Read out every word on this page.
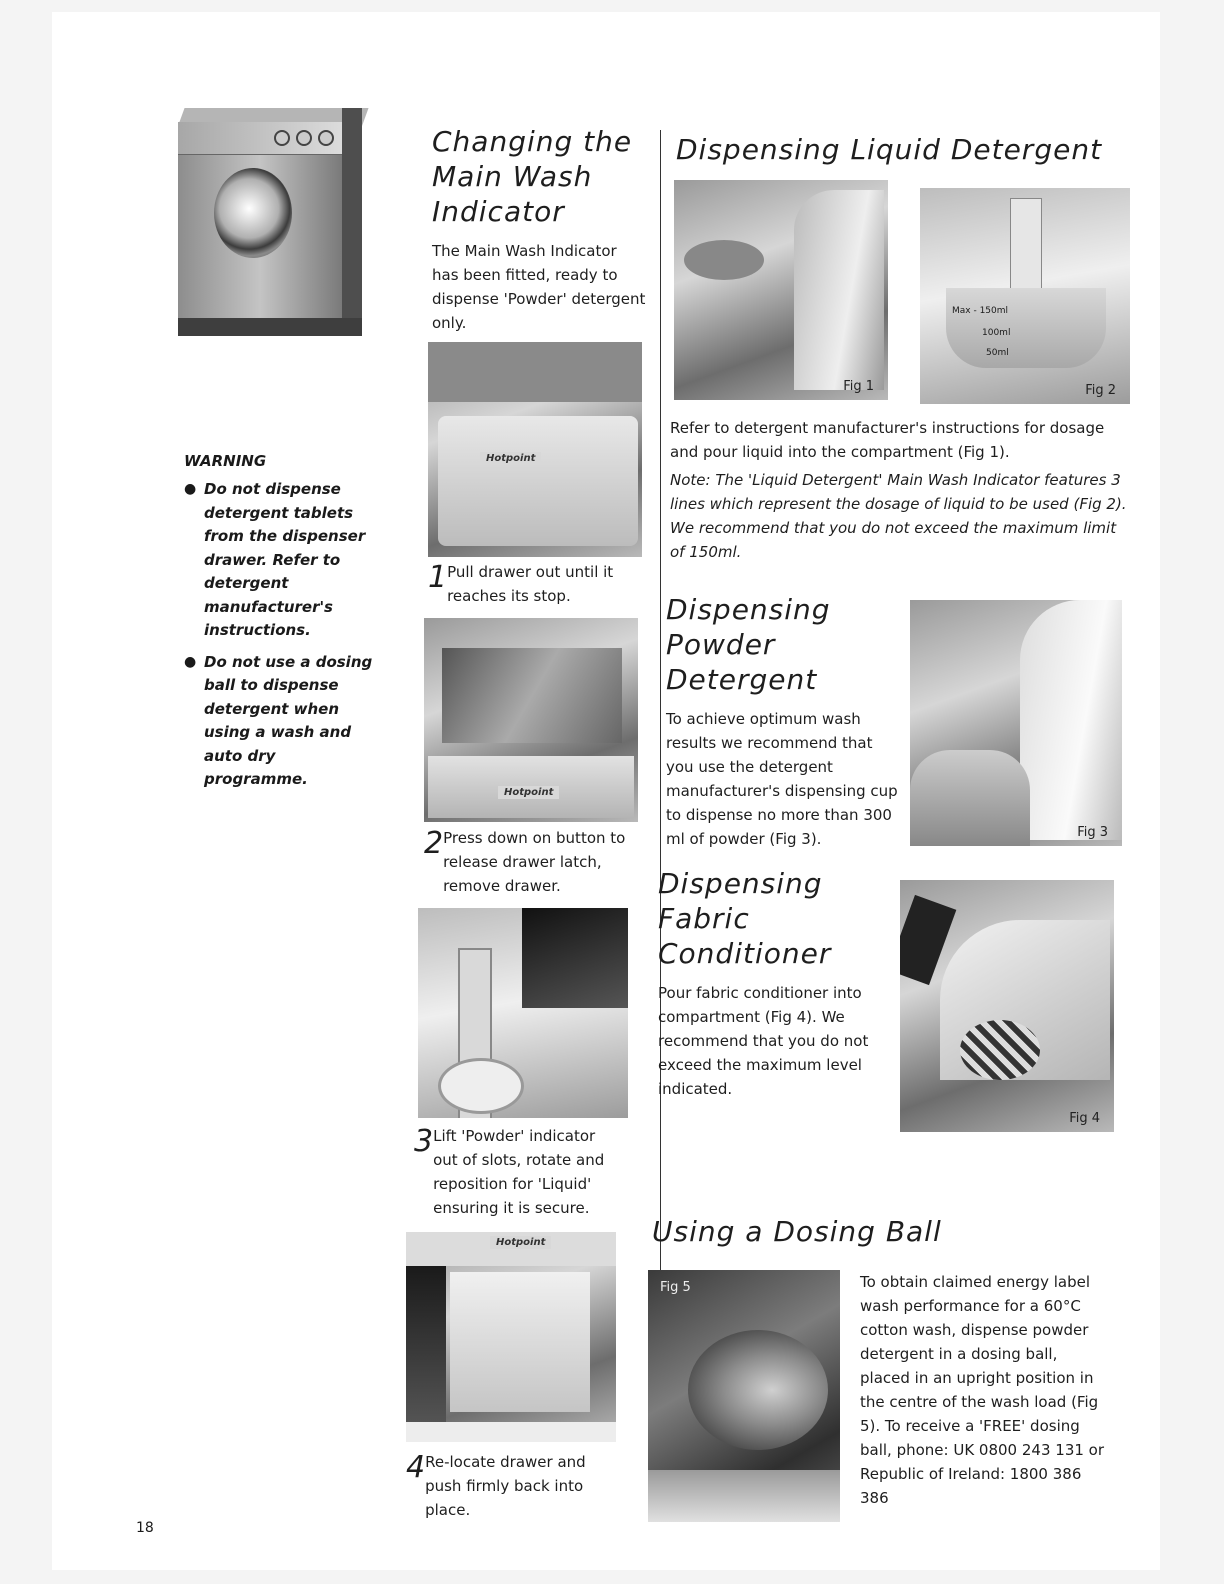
WARNING

● Do not dispense detergent tablets from the dispenser drawer. Refer to detergent manufacturer's instructions.
● Do not use a dosing ball to dispense detergent when using a wash and auto dry programme.

Changing the

Main Wash

Indicator

The Main Wash Indicator has been fitted, ready to dispense 'Powder' detergent only.

Hotpoint
1 Pull drawer out until it reaches its stop.
Hotpoint
2 Press down on button to release drawer latch, remove drawer.
3 Lift 'Powder' indicator out of slots, rotate and reposition for 'Liquid' ensuring it is secure.
Hotpoint
4 Re-locate drawer and push firmly back into place.

Dispensing Liquid Detergent

Fig 1
Max - 150ml
100ml
50ml
Fig 2

Refer to detergent manufacturer's instructions for dosage and pour liquid into the compartment (Fig 1).

Note: The 'Liquid Detergent' Main Wash Indicator features 3 lines which represent the dosage of liquid to be used (Fig 2). We recommend that you do not exceed the maximum limit of 150ml.

Dispensing

Powder

Detergent

To achieve optimum wash results we recommend that you use the detergent manufacturer's dispensing cup to dispense no more than 300 ml of powder (Fig 3).	Fig 3

Dispensing

Fabric

Conditioner

Pour fabric conditioner into compartment (Fig 4). We recommend that you do not exceed the maximum level indicated.

Fig 4

Using a Dosing Ball

Fig 5	To obtain claimed energy label wash performance for a 60°C cotton wash, dispense powder detergent in a dosing ball, placed in an upright position in the centre of the wash load (Fig 5). To receive a 'FREE' dosing ball, phone: UK 0800 243 131 or Republic of Ireland: 1800 386 386

18
